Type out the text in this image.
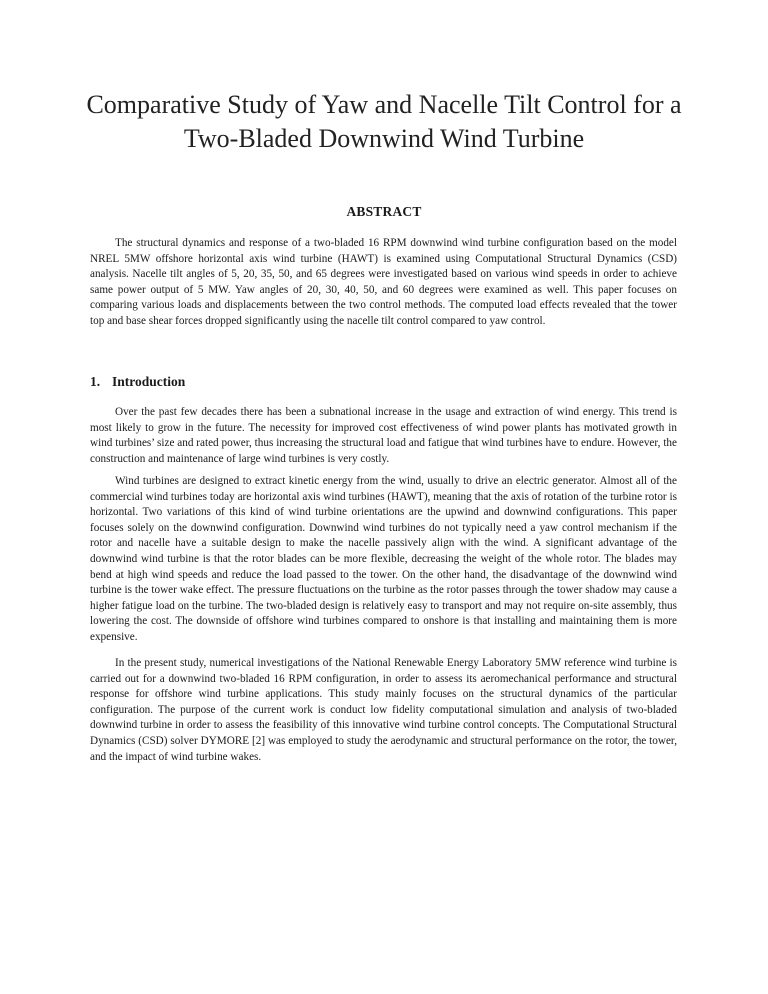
Comparative Study of Yaw and Nacelle Tilt Control for a
Two-Bladed Downwind Wind Turbine
ABSTRACT

The structural dynamics and response of a two-bladed 16 RPM downwind wind turbine configuration based on the model NREL 5MW offshore horizontal axis wind turbine (HAWT) is examined using Computational Structural Dynamics (CSD) analysis. Nacelle tilt angles of 5, 20, 35, 50, and 65 degrees were investigated based on various wind speeds in order to achieve same power output of 5 MW. Yaw angles of 20, 30, 40, 50, and 60 degrees were examined as well. This paper focuses on comparing various loads and displacements between the two control methods. The computed load effects revealed that the tower top and base shear forces dropped significantly using the nacelle tilt control compared to yaw control.

1. Introduction

Over the past few decades there has been a subnational increase in the usage and extraction of wind energy. This trend is most likely to grow in the future. The necessity for improved cost effectiveness of wind power plants has motivated growth in wind turbines’ size and rated power, thus increasing the structural load and fatigue that wind turbines have to endure. However, the construction and maintenance of large wind turbines is very costly.

Wind turbines are designed to extract kinetic energy from the wind, usually to drive an electric generator. Almost all of the commercial wind turbines today are horizontal axis wind turbines (HAWT), meaning that the axis of rotation of the turbine rotor is horizontal. Two variations of this kind of wind turbine orientations are the upwind and downwind configurations. This paper focuses solely on the downwind configuration. Downwind wind turbines do not typically need a yaw control mechanism if the rotor and nacelle have a suitable design to make the nacelle passively align with the wind. A significant advantage of the downwind wind turbine is that the rotor blades can be more flexible, decreasing the weight of the whole rotor. The blades may bend at high wind speeds and reduce the load passed to the tower. On the other hand, the disadvantage of the downwind wind turbine is the tower wake effect. The pressure fluctuations on the turbine as the rotor passes through the tower shadow may cause a higher fatigue load on the turbine. The two-bladed design is relatively easy to transport and may not require on-site assembly, thus lowering the cost. The downside of offshore wind turbines compared to onshore is that installing and maintaining them is more expensive.

In the present study, numerical investigations of the National Renewable Energy Laboratory 5MW reference wind turbine is carried out for a downwind two-bladed 16 RPM configuration, in order to assess its aeromechanical performance and structural response for offshore wind turbine applications. This study mainly focuses on the structural dynamics of the particular configuration. The purpose of the current work is conduct low fidelity computational simulation and analysis of two-bladed downwind turbine in order to assess the feasibility of this innovative wind turbine control concepts. The Computational Structural Dynamics (CSD) solver DYMORE [2] was employed to study the aerodynamic and structural performance on the rotor, the tower, and the impact of wind turbine wakes.
